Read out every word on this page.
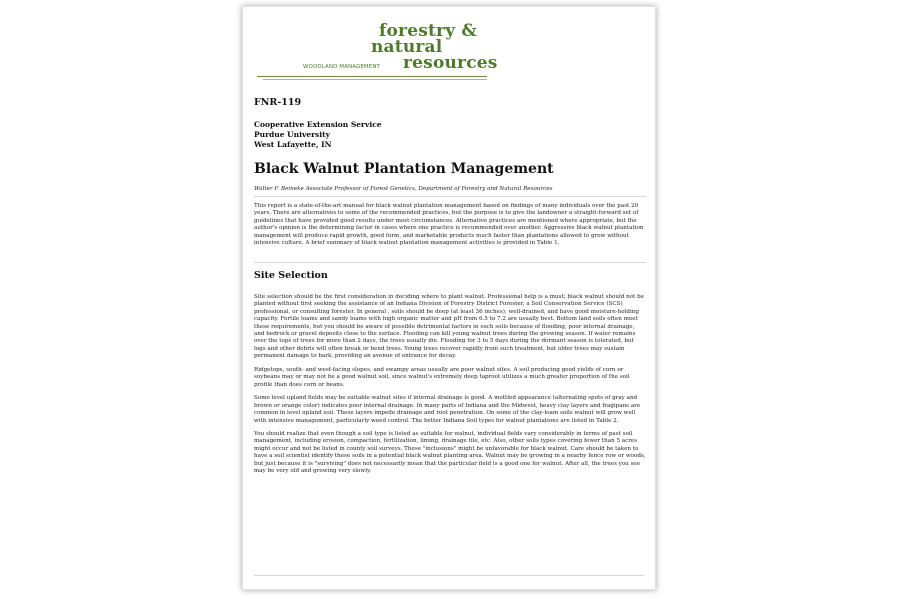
forestry &
natural
WOODLAND MANAGEMENT resources
FNR-119
Cooperative Extension Service
Purdue University
West Lafayette, IN
Black Walnut Plantation Management
Walter F. Beineke Associate Professor of Forest Genetics, Department of Forestry and Natural Resources

This report is a state-of-the-art manual for black walnut plantation management based on findings of many individuals over the past 20 years. There are alternatives to some of the recommended practices, but the purpose is to give the landowner a straight-forward set of guidelines that have provided good results under most circumstances. Alternative practices are mentioned where appropriate, but the author's opinion is the determining factor in cases where one practice is recommended over another. Aggressive black walnut plantation management will produce rapid growth, good form, and marketable products much faster than plantations allowed to grow without intensive culture. A brief summary of black walnut plantation management activities is provided in Table 1.

Site Selection

Site selection should be the first consideration in deciding where to plant walnut. Professional help is a must; black walnut should not be planted without first seeking the assistance of an Indiana Division of Forestry District Forester, a Soil Conservation Service (SCS) professional, or consulting forester. In general , soils should be deep (at least 36 inches), well-drained, and have good moisture-holding capacity. Fertile loams and sandy loams with high organic matter and pH from 6.5 to 7.2 are usually best. Bottom land soils often meet these requirements, but you should be aware of possible detrimental factors in such soils because of flooding, poor internal drainage, and bedrock or gravel deposits close to the surface. Flooding can kill young walnut trees during the growing season. If water remains over the tops of trees for more than 2 days, the trees usually die. Flooding for 3 to 5 days during the dormant season is tolerated, but logs and other debris will often break or bend trees. Young trees recover rapidly from such treatment, but older trees may sustain permanent damage to bark, providing an avenue of entrance for decay.

Ridgetops, south- and west-facing slopes, and swampy areas usually are poor walnut sites. A soil producing good yields of corn or soybeans may or may not be a good walnut soil, since walnut's extremely deep taproot utilizes a much greater proportion of the soil profile than does corn or beans.

Some level upland fields may be suitable walnut sites if internal drainage is good. A mottled appearance (alternating spots of gray and brown or orange color) indicates poor internal drainage. In many parts of Indiana and the Midwest, heavy clay layers and fragipans are common in level upland soil. These layers impede drainage and root penetration. On some of the clay-loam soils walnut will grow well with intensive management, particularly weed control. The better Indiana Soil types for walnut plantations are listed in Table 2.

You should realize that even though a soil type is listed as suitable for walnut, individual fields vary considerably in terms of past soil management, including erosion, compaction, fertilization, liming, drainage tile, etc. Also, other soils types covering fewer than 5 acres might occur and not be listed in county soil surveys. These "inclusions" might be unfavorable for black walnut. Care should be taken to have a soil scientist identify these soils in a potential black walnut planting area. Walnut may be growing in a nearby fence row or woods, but just because it is "surviving" does not necessarily mean that the particular field is a good one for walnut. After all, the trees you see may be very old and growing very slowly.
